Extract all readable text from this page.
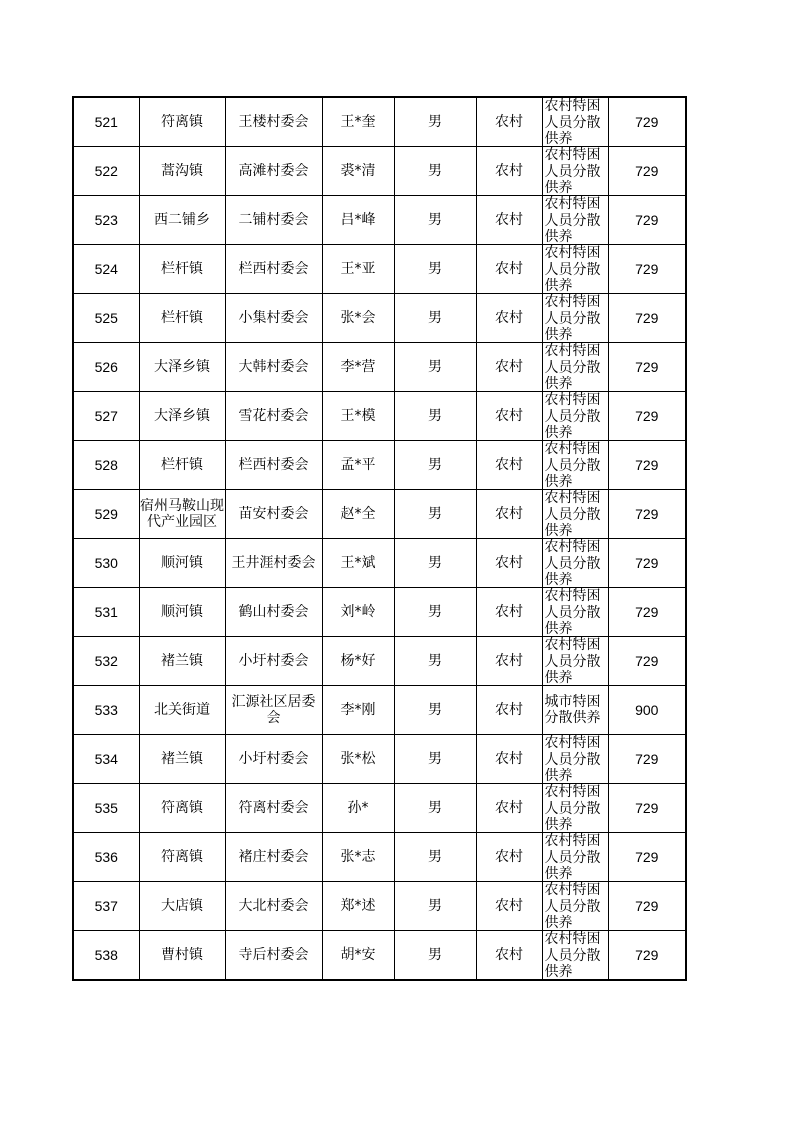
521	符离镇	王楼村委会	王*奎	男	农村	农村特困人员分散供养	729
522	蒿沟镇	高滩村委会	裘*清	男	农村	农村特困人员分散供养	729
523	西二铺乡	二铺村委会	吕*峰	男	农村	农村特困人员分散供养	729
524	栏杆镇	栏西村委会	王*亚	男	农村	农村特困人员分散供养	729
525	栏杆镇	小集村委会	张*会	男	农村	农村特困人员分散供养	729
526	大泽乡镇	大韩村委会	李*营	男	农村	农村特困人员分散供养	729
527	大泽乡镇	雪花村委会	王*模	男	农村	农村特困人员分散供养	729
528	栏杆镇	栏西村委会	孟*平	男	农村	农村特困人员分散供养	729
529	宿州马鞍山现代产业园区	苗安村委会	赵*全	男	农村	农村特困人员分散供养	729
530	顺河镇	王井涯村委会	王*斌	男	农村	农村特困人员分散供养	729
531	顺河镇	鹤山村委会	刘*岭	男	农村	农村特困人员分散供养	729
532	褚兰镇	小圩村委会	杨*好	男	农村	农村特困人员分散供养	729
533	北关街道	汇源社区居委会	李*刚	男	农村	城市特困分散供养	900
534	褚兰镇	小圩村委会	张*松	男	农村	农村特困人员分散供养	729
535	符离镇	符离村委会	孙*	男	农村	农村特困人员分散供养	729
536	符离镇	褚庄村委会	张*志	男	农村	农村特困人员分散供养	729
537	大店镇	大北村委会	郑*述	男	农村	农村特困人员分散供养	729
538	曹村镇	寺后村委会	胡*安	男	农村	农村特困人员分散供养	729
